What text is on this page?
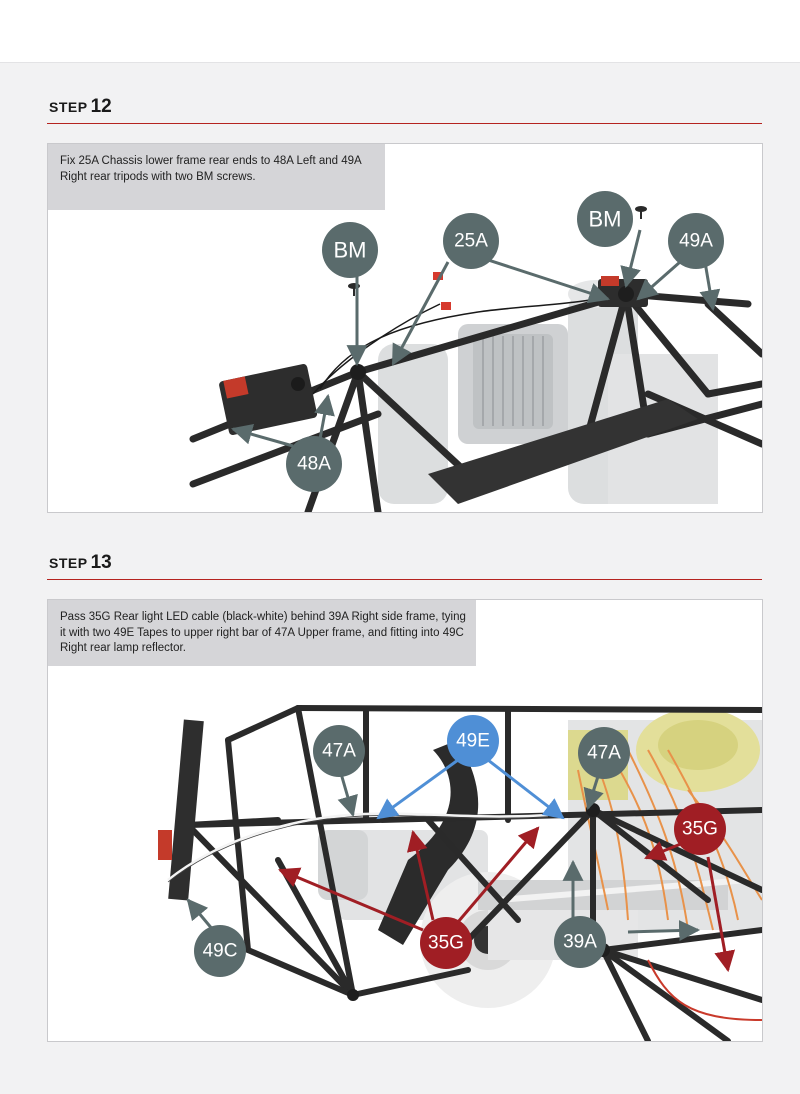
STEP 12
BM	25A
BM
49A
48A
Fix 25A Chassis lower frame rear ends to 48A Left and 49A Right rear tripods with two BM screws.
STEP 13
47A	49E
47A
35G
35G	39A
49C
Pass 35G Rear light LED cable (black-white) behind 39A Right side frame, tying it with two 49E Tapes to upper right bar of 47A Upper frame, and fitting into 49C Right rear lamp reflector.
